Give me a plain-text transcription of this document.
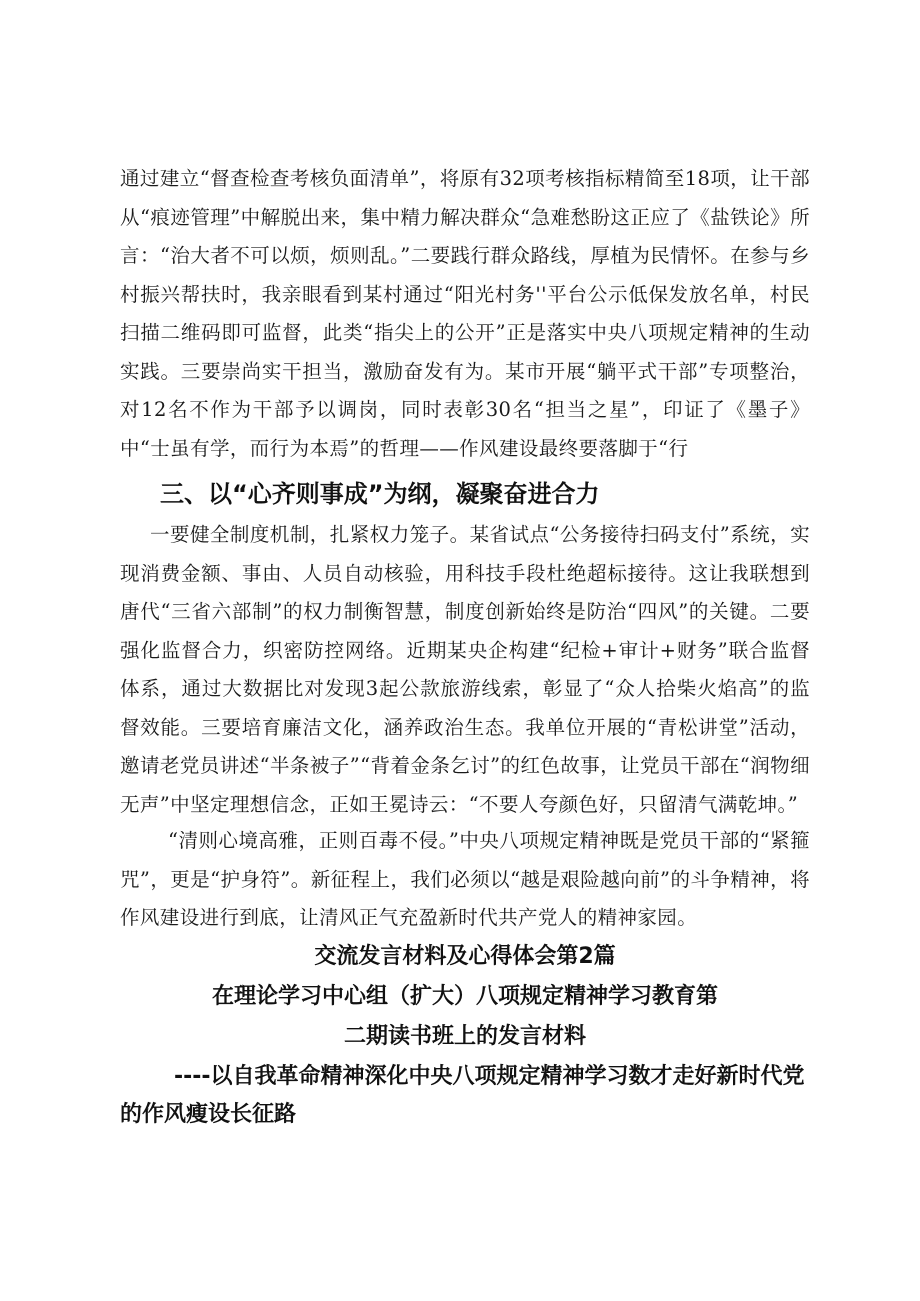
通过建立“督查检查考核负面清单”，将原有32项考核指标精简至18项，让干部从“痕迹管理”中解脱出来，集中精力解决群众“急难愁盼这正应了《盐铁论》所言：“治大者不可以烦，烦则乱。”二要践行群众路线，厚植为民情怀。在参与乡村振兴帮扶时，我亲眼看到某村通过“阳光村务''平台公示低保发放名单，村民扫描二维码即可监督，此类“指尖上的公开”正是落实中央八项规定精神的生动实践。三要崇尚实干担当，激励奋发有为。某市开展“躺平式干部”专项整治，对12名不作为干部予以调岗，同时表彰30名“担当之星”，印证了《墨子》中“士虽有学，而行为本焉”的哲理——作风建设最终要落脚于“行

三、以“心齐则事成”为纲，凝聚奋进合力

一要健全制度机制，扎紧权力笼子。某省试点“公务接待扫码支付”系统，实现消费金额、事由、人员自动核验，用科技手段杜绝超标接待。这让我联想到唐代“三省六部制”的权力制衡智慧，制度创新始终是防治“四风”的关键。二要强化监督合力，织密防控网络。近期某央企构建“纪检+审计+财务”联合监督体系，通过大数据比对发现3起公款旅游线索，彰显了“众人拾柴火焰高”的监督效能。三要培育廉洁文化，涵养政治生态。我单位开展的“青松讲堂”活动，邀请老党员讲述“半条被子”“背着金条乞讨”的红色故事，让党员干部在“润物细无声”中坚定理想信念，正如王冕诗云：“不要人夸颜色好，只留清气满乾坤。”

“清则心境高雅，正则百毒不侵。”中央八项规定精神既是党员干部的“紧箍咒”，更是“护身符”。新征程上，我们必须以“越是艰险越向前”的斗争精神，将作风建设进行到底，让清风正气充盈新时代共产党人的精神家园。

交流发言材料及心得体会第2篇
在理论学习中心组（扩大）八项规定精神学习教育第
二期读书班上的发言材料
----以自我革命精神深化中央八项规定精神学习数才走好新时代党的作风瘦设长征路
